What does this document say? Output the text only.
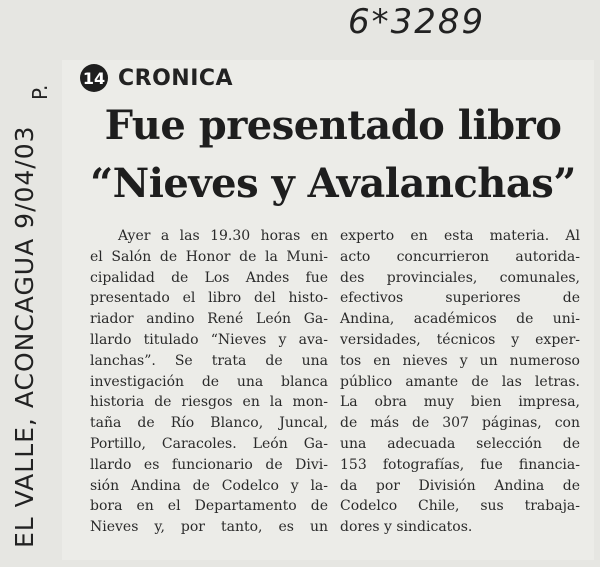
6*3289
EL VALLE, ACONCAGUA 9/04/03
P.
14 CRONICA
Fue presentado libro
“Nieves y Avalanchas”
Ayer a las 19.30 horas en
el Salón de Honor de la Muni-
cipalidad de Los Andes fue
presentado el libro del histo-
riador andino René León Ga-
llardo titulado “Nieves y ava-
lanchas”. Se trata de una
investigación de una blanca
historia de riesgos en la mon-
taña de Río Blanco, Juncal,
Portillo, Caracoles. León Ga-
llardo es funcionario de Divi-
sión Andina de Codelco y la-
bora en el Departamento de
Nieves y, por tanto, es un
experto en esta materia. Al
acto concurrieron autorida-
des provinciales, comunales,
efectivos superiores de
Andina, académicos de uni-
versidades, técnicos y exper-
tos en nieves y un numeroso
público amante de las letras.
La obra muy bien impresa,
de más de 307 páginas, con
una adecuada selección de
153 fotografías, fue financia-
da por División Andina de
Codelco Chile, sus trabaja-
dores y sindicatos.
